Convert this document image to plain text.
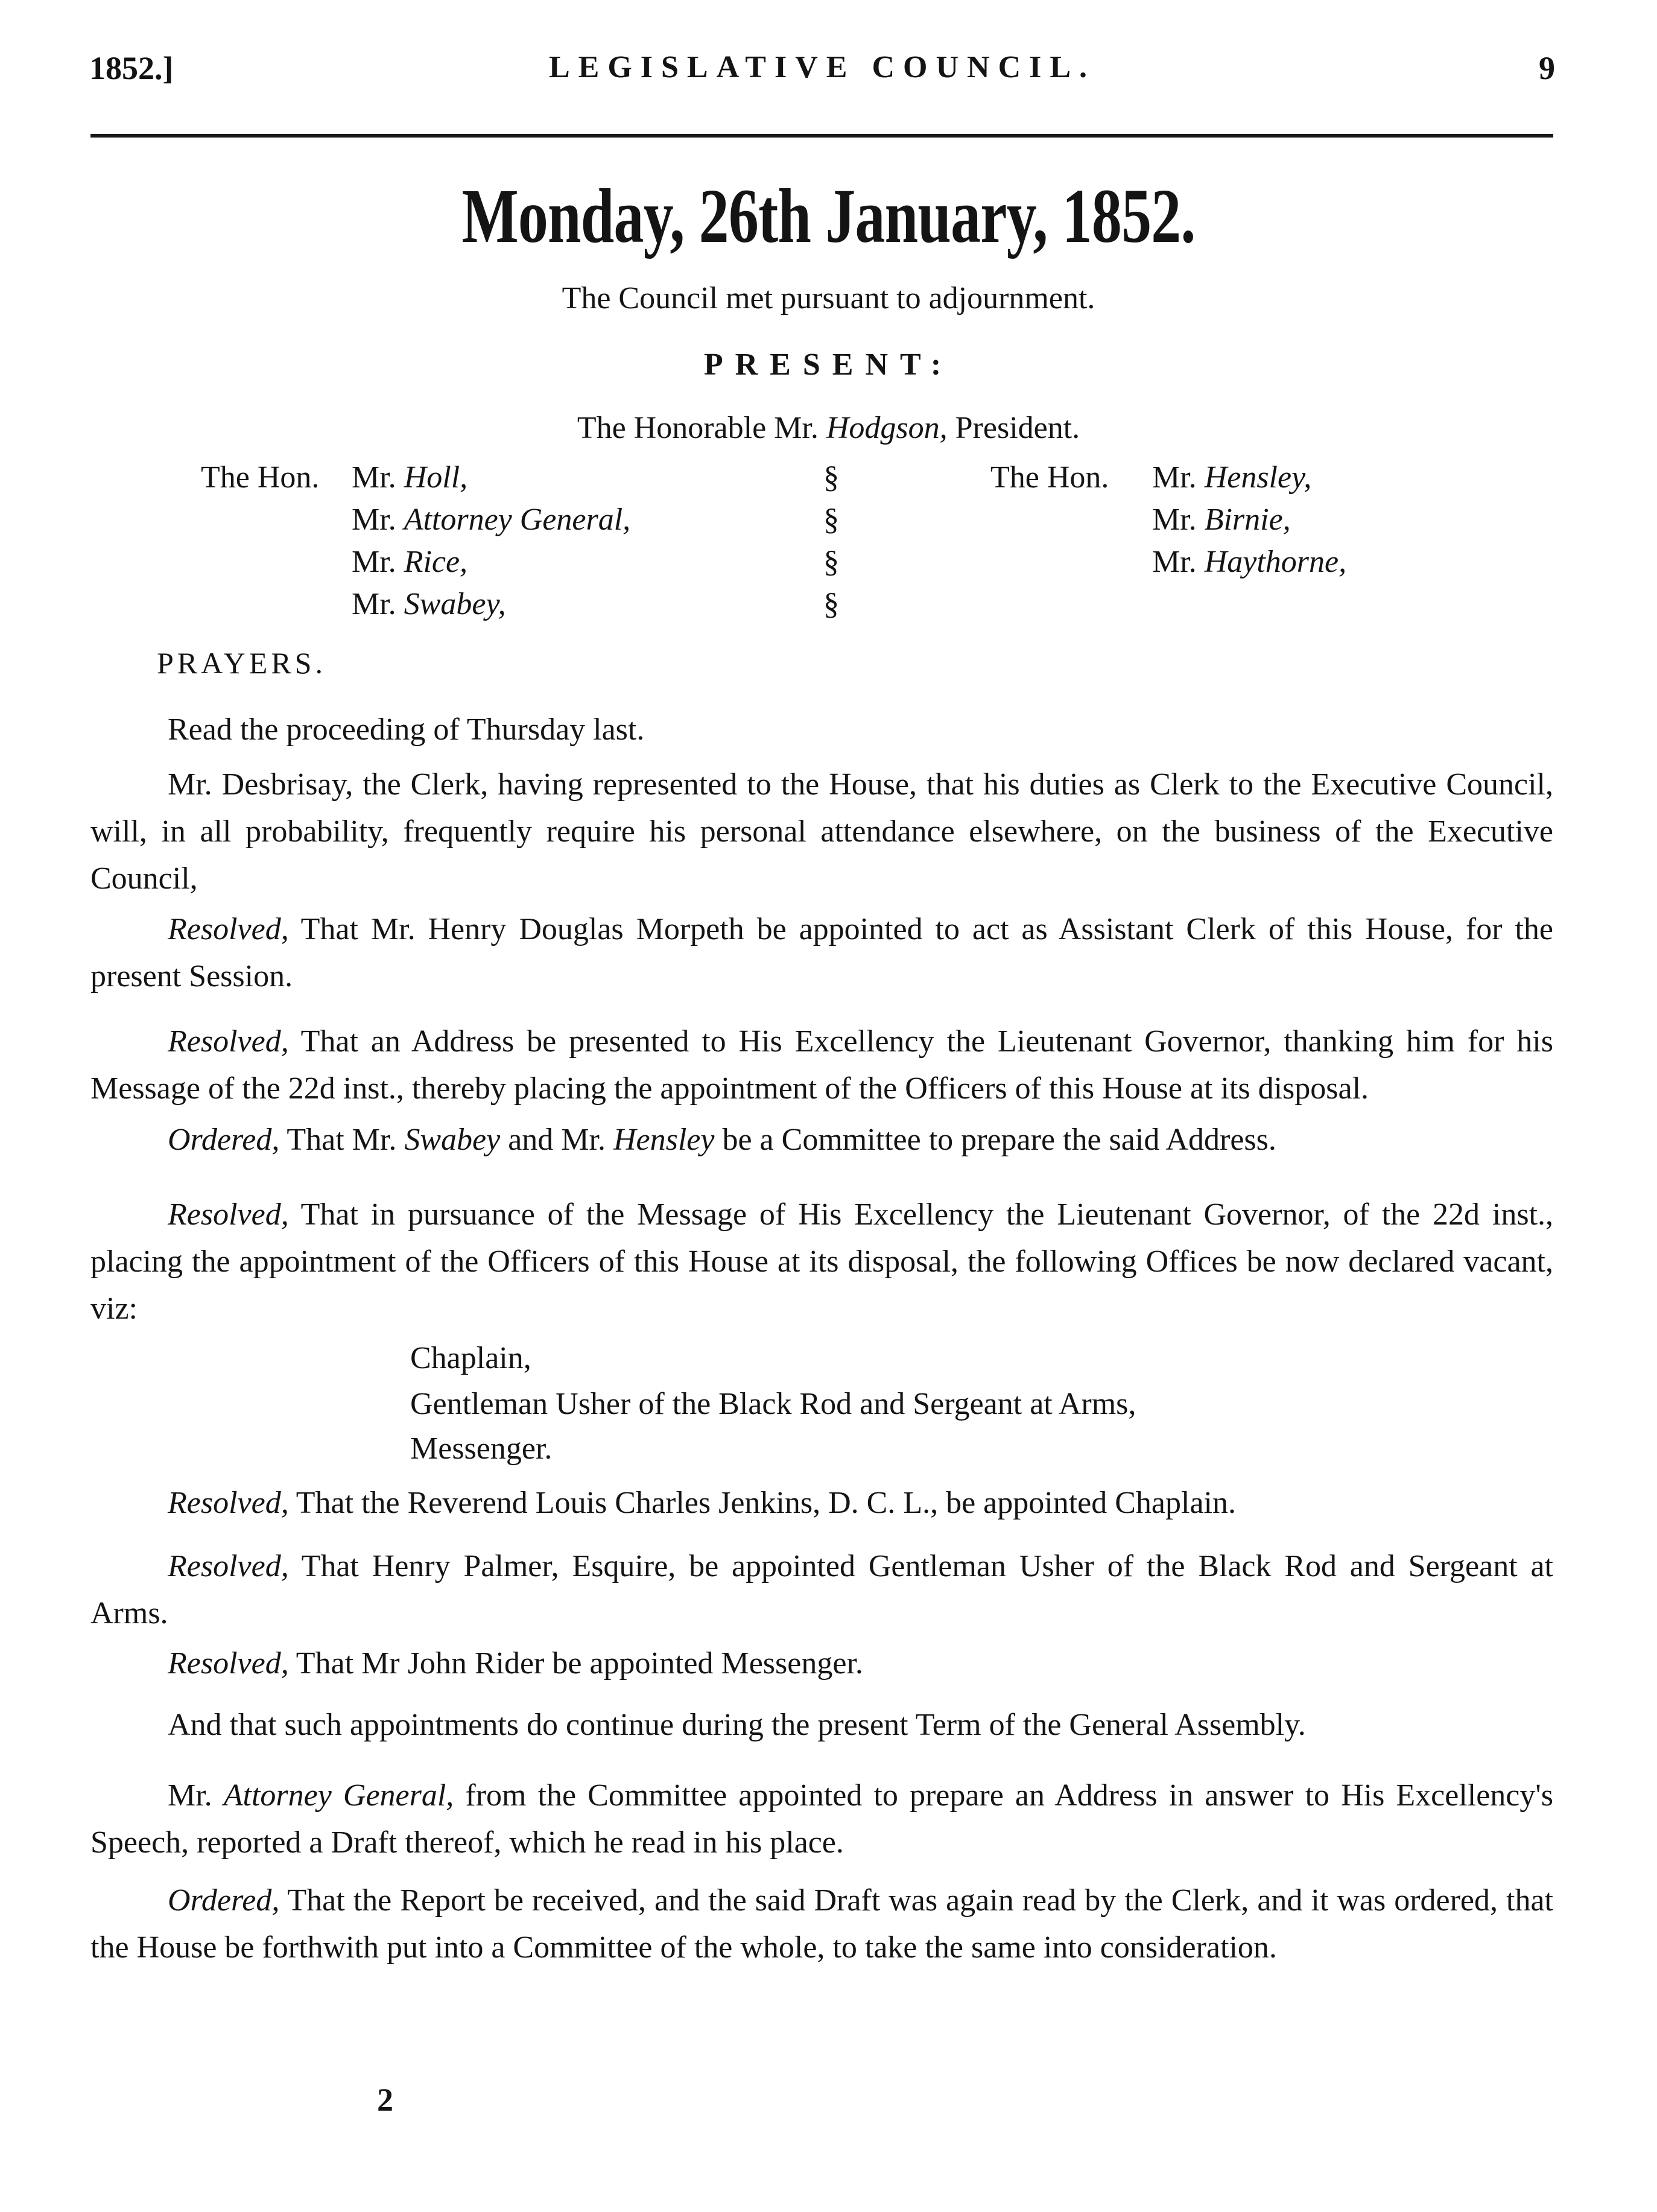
1852.]	LEGISLATIVE COUNCIL.	9
Monday, 26th January, 1852.
The Council met pursuant to adjournment.
PRESENT:
The Honorable Mr. Hodgson, President.
The Hon. Mr. Holl,
Mr. Attorney General,
Mr. Rice,
Mr. Swabey,
§
§
§
§
The Hon. Mr. Hensley,
Mr. Birnie,
Mr. Haythorne,
PRAYERS.
Read the proceeding of Thursday last.
Mr. Desbrisay, the Clerk, having represented to the House, that his duties as Clerk to the Executive Council, will, in all probability, frequently require his personal attendance elsewhere, on the business of the Executive Council,
Resolved, That Mr. Henry Douglas Morpeth be appointed to act as Assistant Clerk of this House, for the present Session.
Resolved, That an Address be presented to His Excellency the Lieutenant Governor, thanking him for his Message of the 22d inst., thereby placing the appointment of the Officers of this House at its disposal.
Ordered, That Mr. Swabey and Mr. Hensley be a Committee to prepare the said Address.
Resolved, That in pursuance of the Message of His Excellency the Lieutenant Governor, of the 22d inst., placing the appointment of the Officers of this House at its disposal, the following Offices be now declared vacant, viz:
Chaplain,
Gentleman Usher of the Black Rod and Sergeant at Arms,
Messenger.
Resolved, That the Reverend Louis Charles Jenkins, D. C. L., be appointed Chaplain.
Resolved, That Henry Palmer, Esquire, be appointed Gentleman Usher of the Black Rod and Sergeant at Arms.
Resolved, That Mr John Rider be appointed Messenger.
And that such appointments do continue during the present Term of the General Assembly.
Mr. Attorney General, from the Committee appointed to prepare an Address in answer to His Excellency's Speech, reported a Draft thereof, which he read in his place.
Ordered, That the Report be received, and the said Draft was again read by the Clerk, and it was ordered, that the House be forthwith put into a Committee of the whole, to take the same into consideration.
2
